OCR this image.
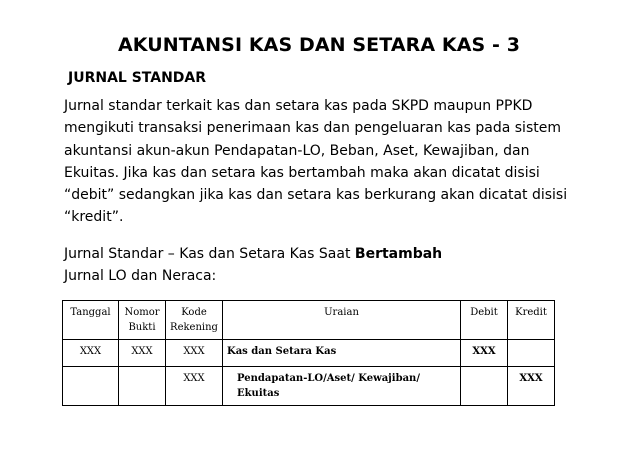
AKUNTANSI KAS DAN SETARA KAS - 3
JURNAL STANDAR

Jurnal standar terkait kas dan setara kas pada SKPD maupun PPKD mengikuti transaksi penerimaan kas dan pengeluaran kas pada sistem akuntansi akun-akun Pendapatan-LO, Beban, Aset, Kewajiban, dan Ekuitas. Jika kas dan setara kas bertambah maka akan dicatat disisi “debit” sedangkan jika kas dan setara kas berkurang akan dicatat disisi “kredit”.

Jurnal Standar – Kas dan Setara Kas Saat Bertambah
Jurnal LO dan Neraca:
Tanggal	Nomor Bukti	Kode Rekening	Uraian	Debit	Kredit
XXX	XXX	XXX	Kas dan Setara Kas	XXX	
		XXX	Pendapatan-LO/Aset/ Kewajiban/ Ekuitas		XXX
